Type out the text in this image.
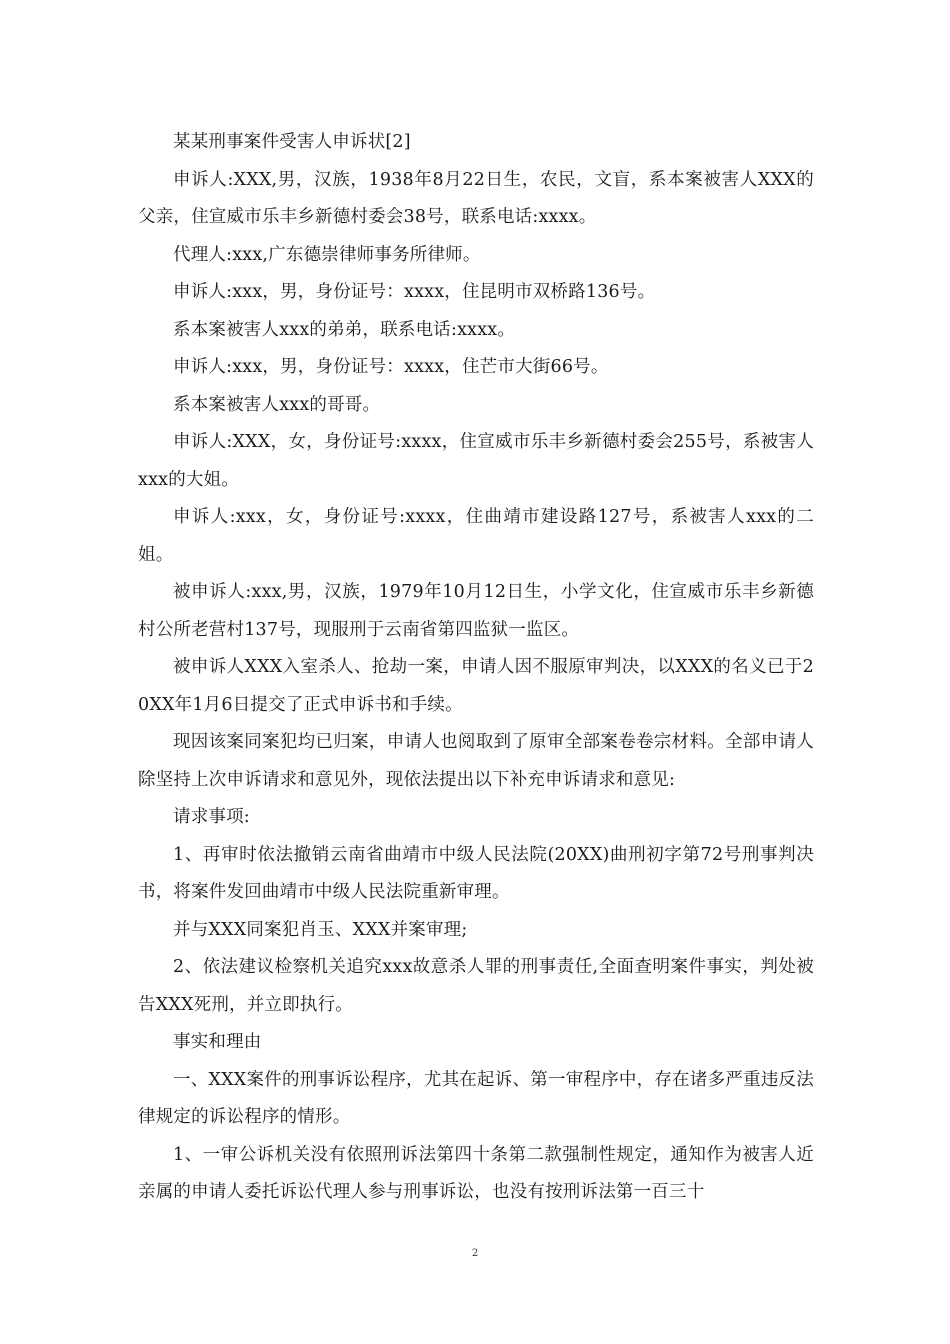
某某刑事案件受害人申诉状[2]

申诉人:XXX,男，汉族，1938年8月22日生，农民，文盲，系本案被害人XXX的父亲，住宣威市乐丰乡新德村委会38号，联系电话:xxxx。

代理人:xxx,广东德崇律师事务所律师。

申诉人:xxx，男，身份证号：xxxx，住昆明市双桥路136号。

系本案被害人xxx的弟弟，联系电话:xxxx。

申诉人:xxx，男，身份证号：xxxx，住芒市大街66号。

系本案被害人xxx的哥哥。

申诉人:XXX，女，身份证号:xxxx，住宣威市乐丰乡新德村委会255号，系被害人xxx的大姐。

申诉人:xxx，女，身份证号:xxxx，住曲靖市建设路127号，系被害人xxx的二姐。

被申诉人:xxx,男，汉族，1979年10月12日生，小学文化，住宣威市乐丰乡新德村公所老营村137号，现服刑于云南省第四监狱一监区。

被申诉人XXX入室杀人、抢劫一案，申请人因不服原审判决，以XXX的名义已于20XX年1月6日提交了正式申诉书和手续。

现因该案同案犯均已归案，申请人也阅取到了原审全部案卷卷宗材料。全部申请人除坚持上次申诉请求和意见外，现依法提出以下补充申诉请求和意见:

请求事项:

1、再审时依法撤销云南省曲靖市中级人民法院(20XX)曲刑初字第72号刑事判决书，将案件发回曲靖市中级人民法院重新审理。

并与XXX同案犯肖玉、XXX并案审理;

2、依法建议检察机关追究xxx故意杀人罪的刑事责任,全面查明案件事实，判处被告XXX死刑，并立即执行。

事实和理由

一、XXX案件的刑事诉讼程序，尤其在起诉、第一审程序中，存在诸多严重违反法律规定的诉讼程序的情形。

1、一审公诉机关没有依照刑诉法第四十条第二款强制性规定，通知作为被害人近亲属的申请人委托诉讼代理人参与刑事诉讼，也没有按刑诉法第一百三十

2
